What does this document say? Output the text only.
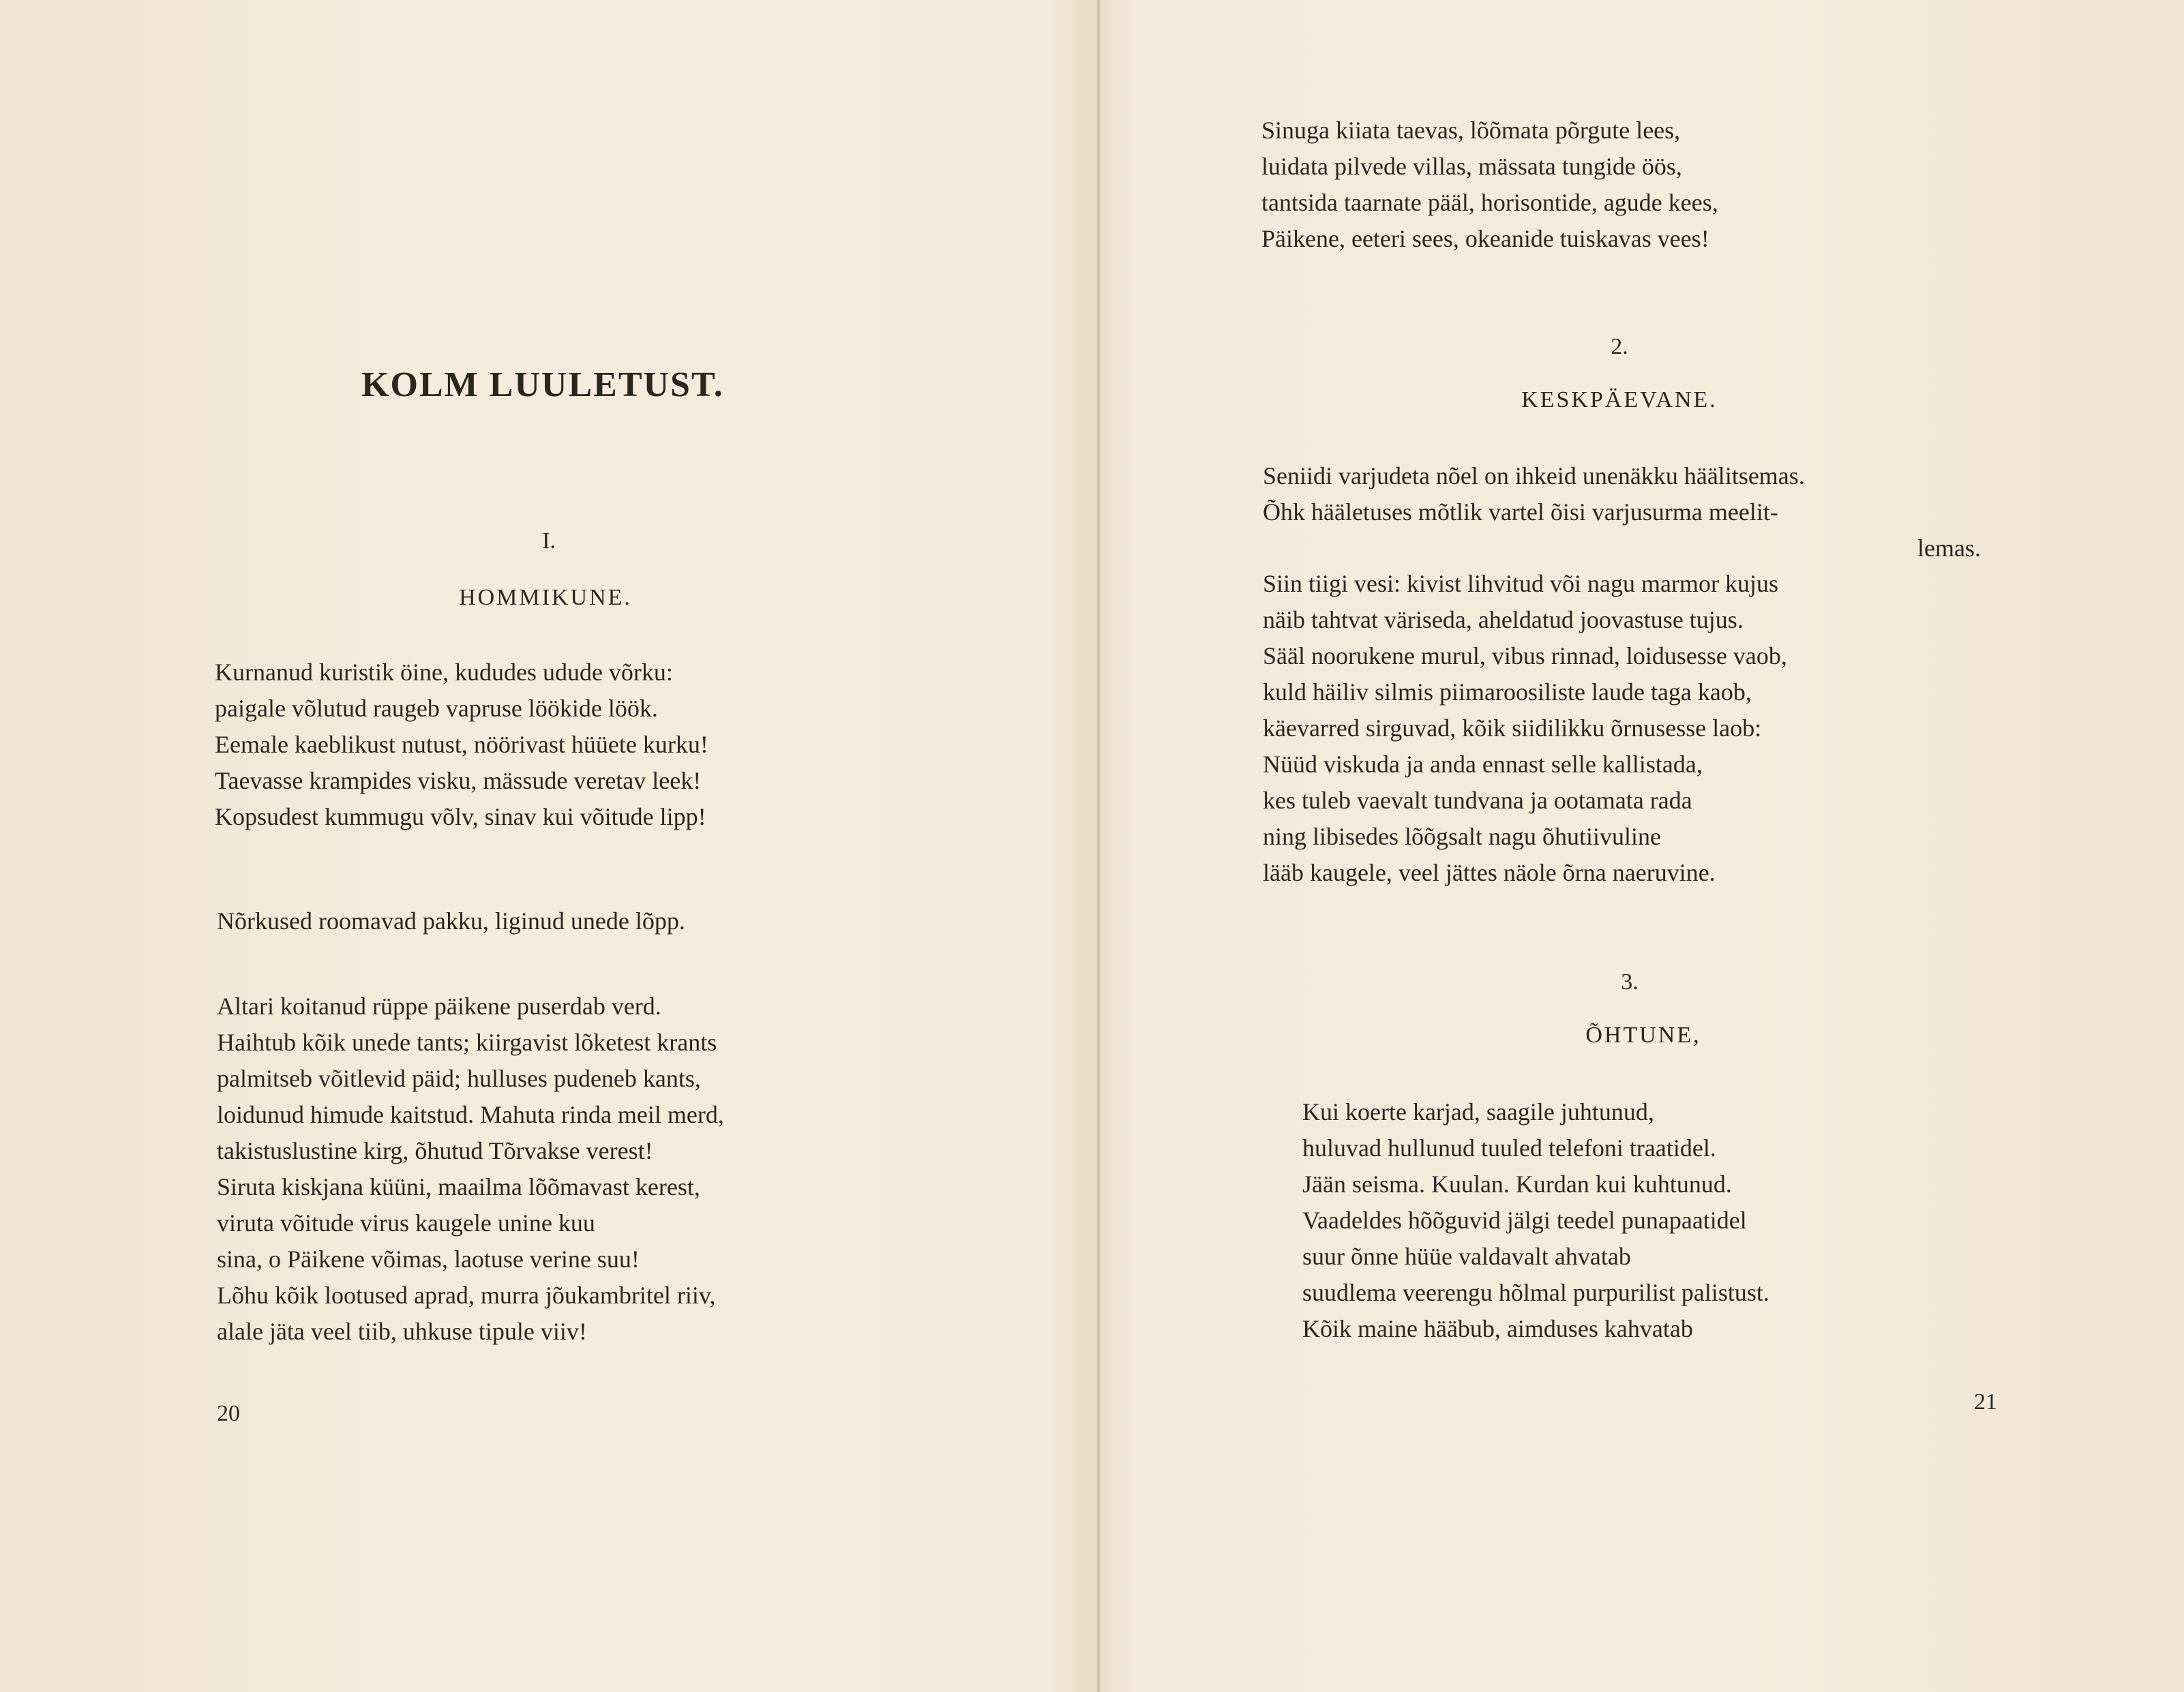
KOLM LUULETUST.
I.
HOMMIKUNE.
Kurnanud kuristik öine, kududes udude võrku:
paigale võlutud raugeb vapruse löökide löök.
Eemale kaeblikust nutust, nöörivast hüüete kurku!
Taevasse krampides visku, mässude veretav leek!
Kopsudest kummugu võlv, sinav kui võitude lipp!
Nõrkused roomavad pakku, liginud unede lõpp.
Altari koitanud rüppe päikene puserdab verd.
Haihtub kõik unede tants; kiirgavist lõketest krants
palmitseb võitlevid päid; hulluses pudeneb kants,
loidunud himude kaitstud. Mahuta rinda meil merd,
takistuslustine kirg, õhutud Tõrvakse verest!
Siruta kiskjana küüni, maailma lõõmavast kerest,
viruta võitude virus kaugele unine kuu
sina, o Päikene võimas, laotuse verine suu!
Lõhu kõik lootused aprad, murra jõukambritel riiv,
alale jäta veel tiib, uhkuse tipule viiv!
20
Sinuga kiiata taevas, lõõmata põrgute lees,
luidata pilvede villas, mässata tungide öös,
tantsida taarnate pääl, horisontide, agude kees,
Päikene, eeteri sees, okeanide tuiskavas vees!
2.
KESKPÄEVANE.
Seniidi varjudeta nõel on ihkeid unenäkku häälitsemas.
Õhk hääletuses mõtlik vartel õisi varjusurma meelit-
lemas.
Siin tiigi vesi: kivist lihvitud või nagu marmor kujus
näib tahtvat väriseda, aheldatud joovastuse tujus.
Sääl noorukene murul, vibus rinnad, loidusesse vaob,
kuld häiliv silmis piimaroosiliste laude taga kaob,
käevarred sirguvad, kõik siidilikku õrnusesse laob:
Nüüd viskuda ja anda ennast selle kallistada,
kes tuleb vaevalt tundvana ja ootamata rada
ning libisedes lõõgsalt nagu õhutiivuline
lääb kaugele, veel jättes näole õrna naeruvine.
3.
ÕHTUNE,
Kui koerte karjad, saagile juhtunud,
huluvad hullunud tuuled telefoni traatidel.
Jään seisma. Kuulan. Kurdan kui kuhtunud.
Vaadeldes hõõguvid jälgi teedel punapaatidel
suur õnne hüüe valdavalt ahvatab
suudlema veerengu hõlmal purpurilist palistust.
Kõik maine hääbub, aimduses kahvatab
21
